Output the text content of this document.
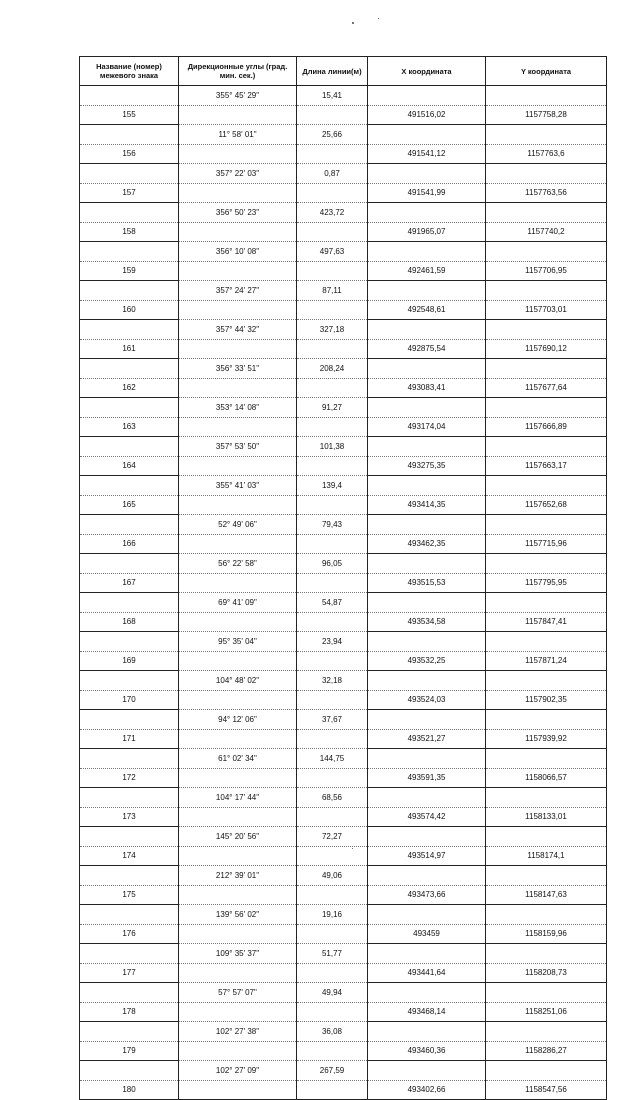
Название (номер) межевого знака	Дирекционные углы (град. мин. сек.)	Длина линии(м)	X координата	Y координата
	355° 45' 29"	15,41		
155			491516,02	1157758,28
	11° 58' 01"	25,66		
156			491541,12	1157763,6
	357° 22' 03"	0,87		
157			491541,99	1157763,56
	356° 50' 23"	423,72		
158			491965,07	1157740,2
	356° 10' 08"	497,63		
159			492461,59	1157706,95
	357° 24' 27"	87,11		
160			492548,61	1157703,01
	357° 44' 32"	327,18		
161			492875,54	1157690,12
	356° 33' 51"	208,24		
162			493083,41	1157677,64
	353° 14' 08"	91,27		
163			493174,04	1157666,89
	357° 53' 50"	101,38		
164			493275,35	1157663,17
	355° 41' 03"	139,4		
165			493414,35	1157652,68
	52° 49' 06"	79,43		
166			493462,35	1157715,96
	56° 22' 58"	96,05		
167			493515,53	1157795,95
	69° 41' 09"	54,87		
168			493534,58	1157847,41
	95° 35' 04"	23,94		
169			493532,25	1157871,24
	104° 48' 02"	32,18		
170			493524,03	1157902,35
	94° 12' 06"	37,67		
171			493521,27	1157939,92
	61° 02' 34"	144,75		
172			493591,35	1158066,57
	104° 17' 44"	68,56		
173			493574,42	1158133,01
	145° 20' 56"	72,27		
174			493514,97	1158174,1
	212° 39' 01"	49,06		
175			493473,66	1158147,63
	139° 56' 02"	19,16		
176			493459	1158159,96
	109° 35' 37"	51,77		
177			493441,64	1158208,73
	57° 57' 07"	49,94		
178			493468,14	1158251,06
	102° 27' 38"	36,08		
179			493460,36	1158286,27
	102° 27' 09"	267,59		
180			493402,66	1158547,56
